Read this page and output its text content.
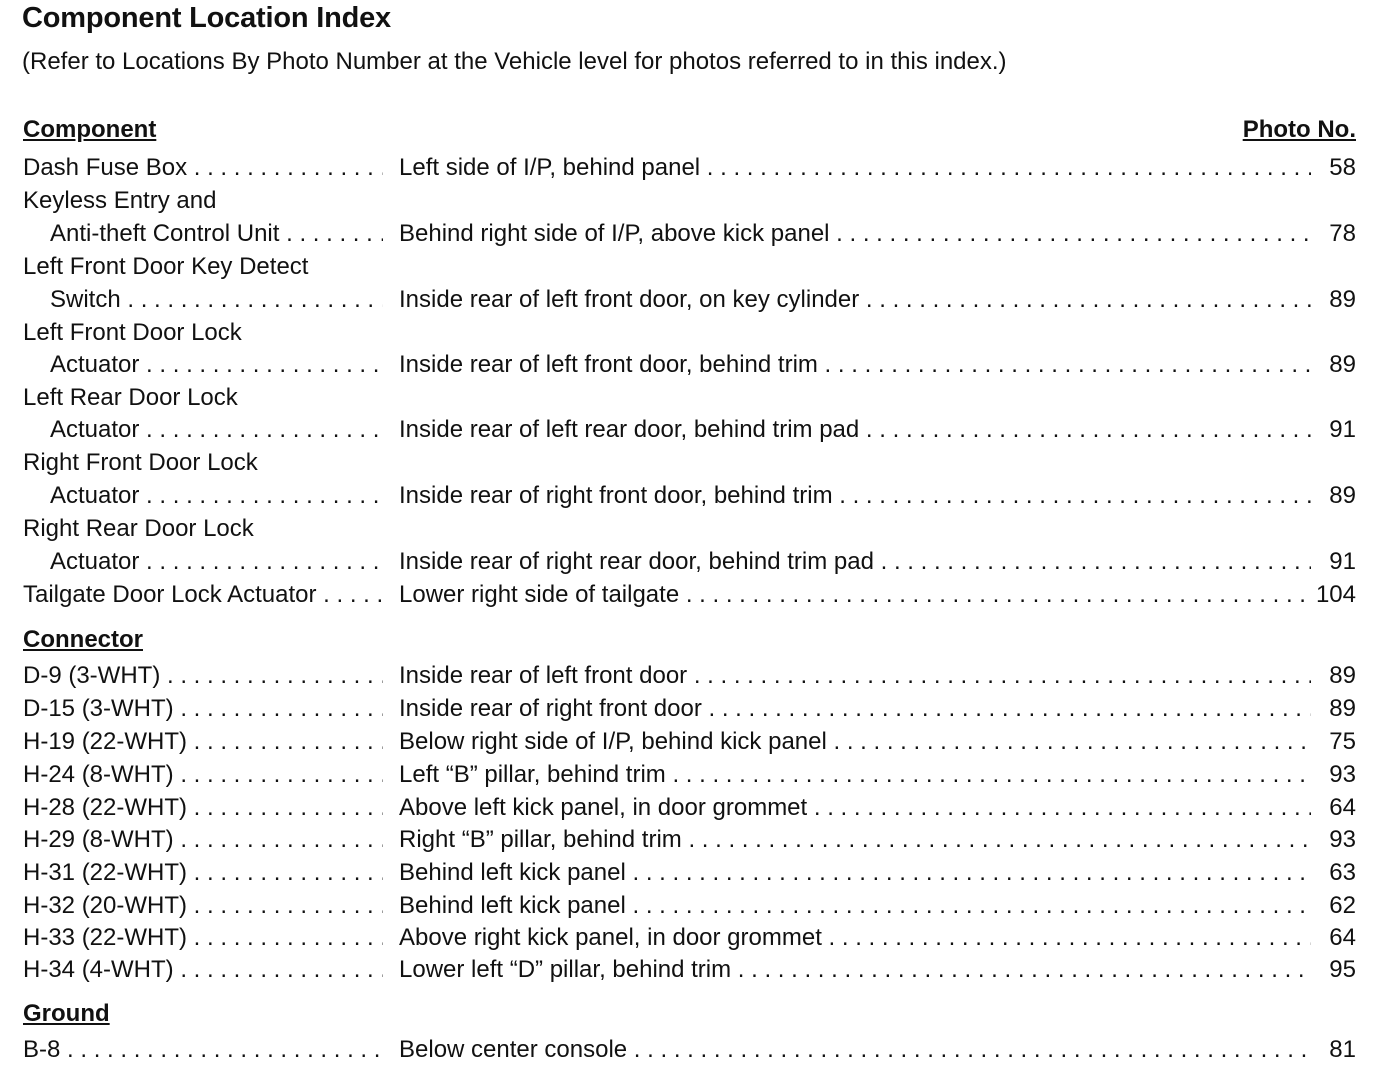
Component Location Index
(Refer to Locations By Photo Number at the Vehicle level for photos referred to in this index.)
Component	Photo No.
Dash Fuse Box . . .	Left side of I/P, behind panel . . .	58
Keyless Entry and
Anti-theft Control Unit . . .	Behind right side of I/P, above kick panel . . .	78
Left Front Door Key Detect
Switch . . .	Inside rear of left front door, on key cylinder . . .	89
Left Front Door Lock
Actuator . . .	Inside rear of left front door, behind trim . . .	89
Left Rear Door Lock
Actuator . . .	Inside rear of left rear door, behind trim pad . . .	91
Right Front Door Lock
Actuator . . .	Inside rear of right front door, behind trim . . .	89
Right Rear Door Lock
Actuator . . .	Inside rear of right rear door, behind trim pad . . .	91
Tailgate Door Lock Actuator . . .	Lower right side of tailgate . . .	104
Connector
D-9 (3-WHT) . . .	Inside rear of left front door . . .	89
D-15 (3-WHT) . . .	Inside rear of right front door . . .	89
H-19 (22-WHT) . . .	Below right side of I/P, behind kick panel . . .	75
H-24 (8-WHT) . . .	Left “B” pillar, behind trim . . .	93
H-28 (22-WHT) . . .	Above left kick panel, in door grommet . . .	64
H-29 (8-WHT) . . .	Right “B” pillar, behind trim . . .	93
H-31 (22-WHT) . . .	Behind left kick panel . . .	63
H-32 (20-WHT) . . .	Behind left kick panel . . .	62
H-33 (22-WHT) . . .	Above right kick panel, in door grommet . . .	64
H-34 (4-WHT) . . .	Lower left “D” pillar, behind trim . . .	95
Ground
B-8 . . .	Below center console . . .	81
